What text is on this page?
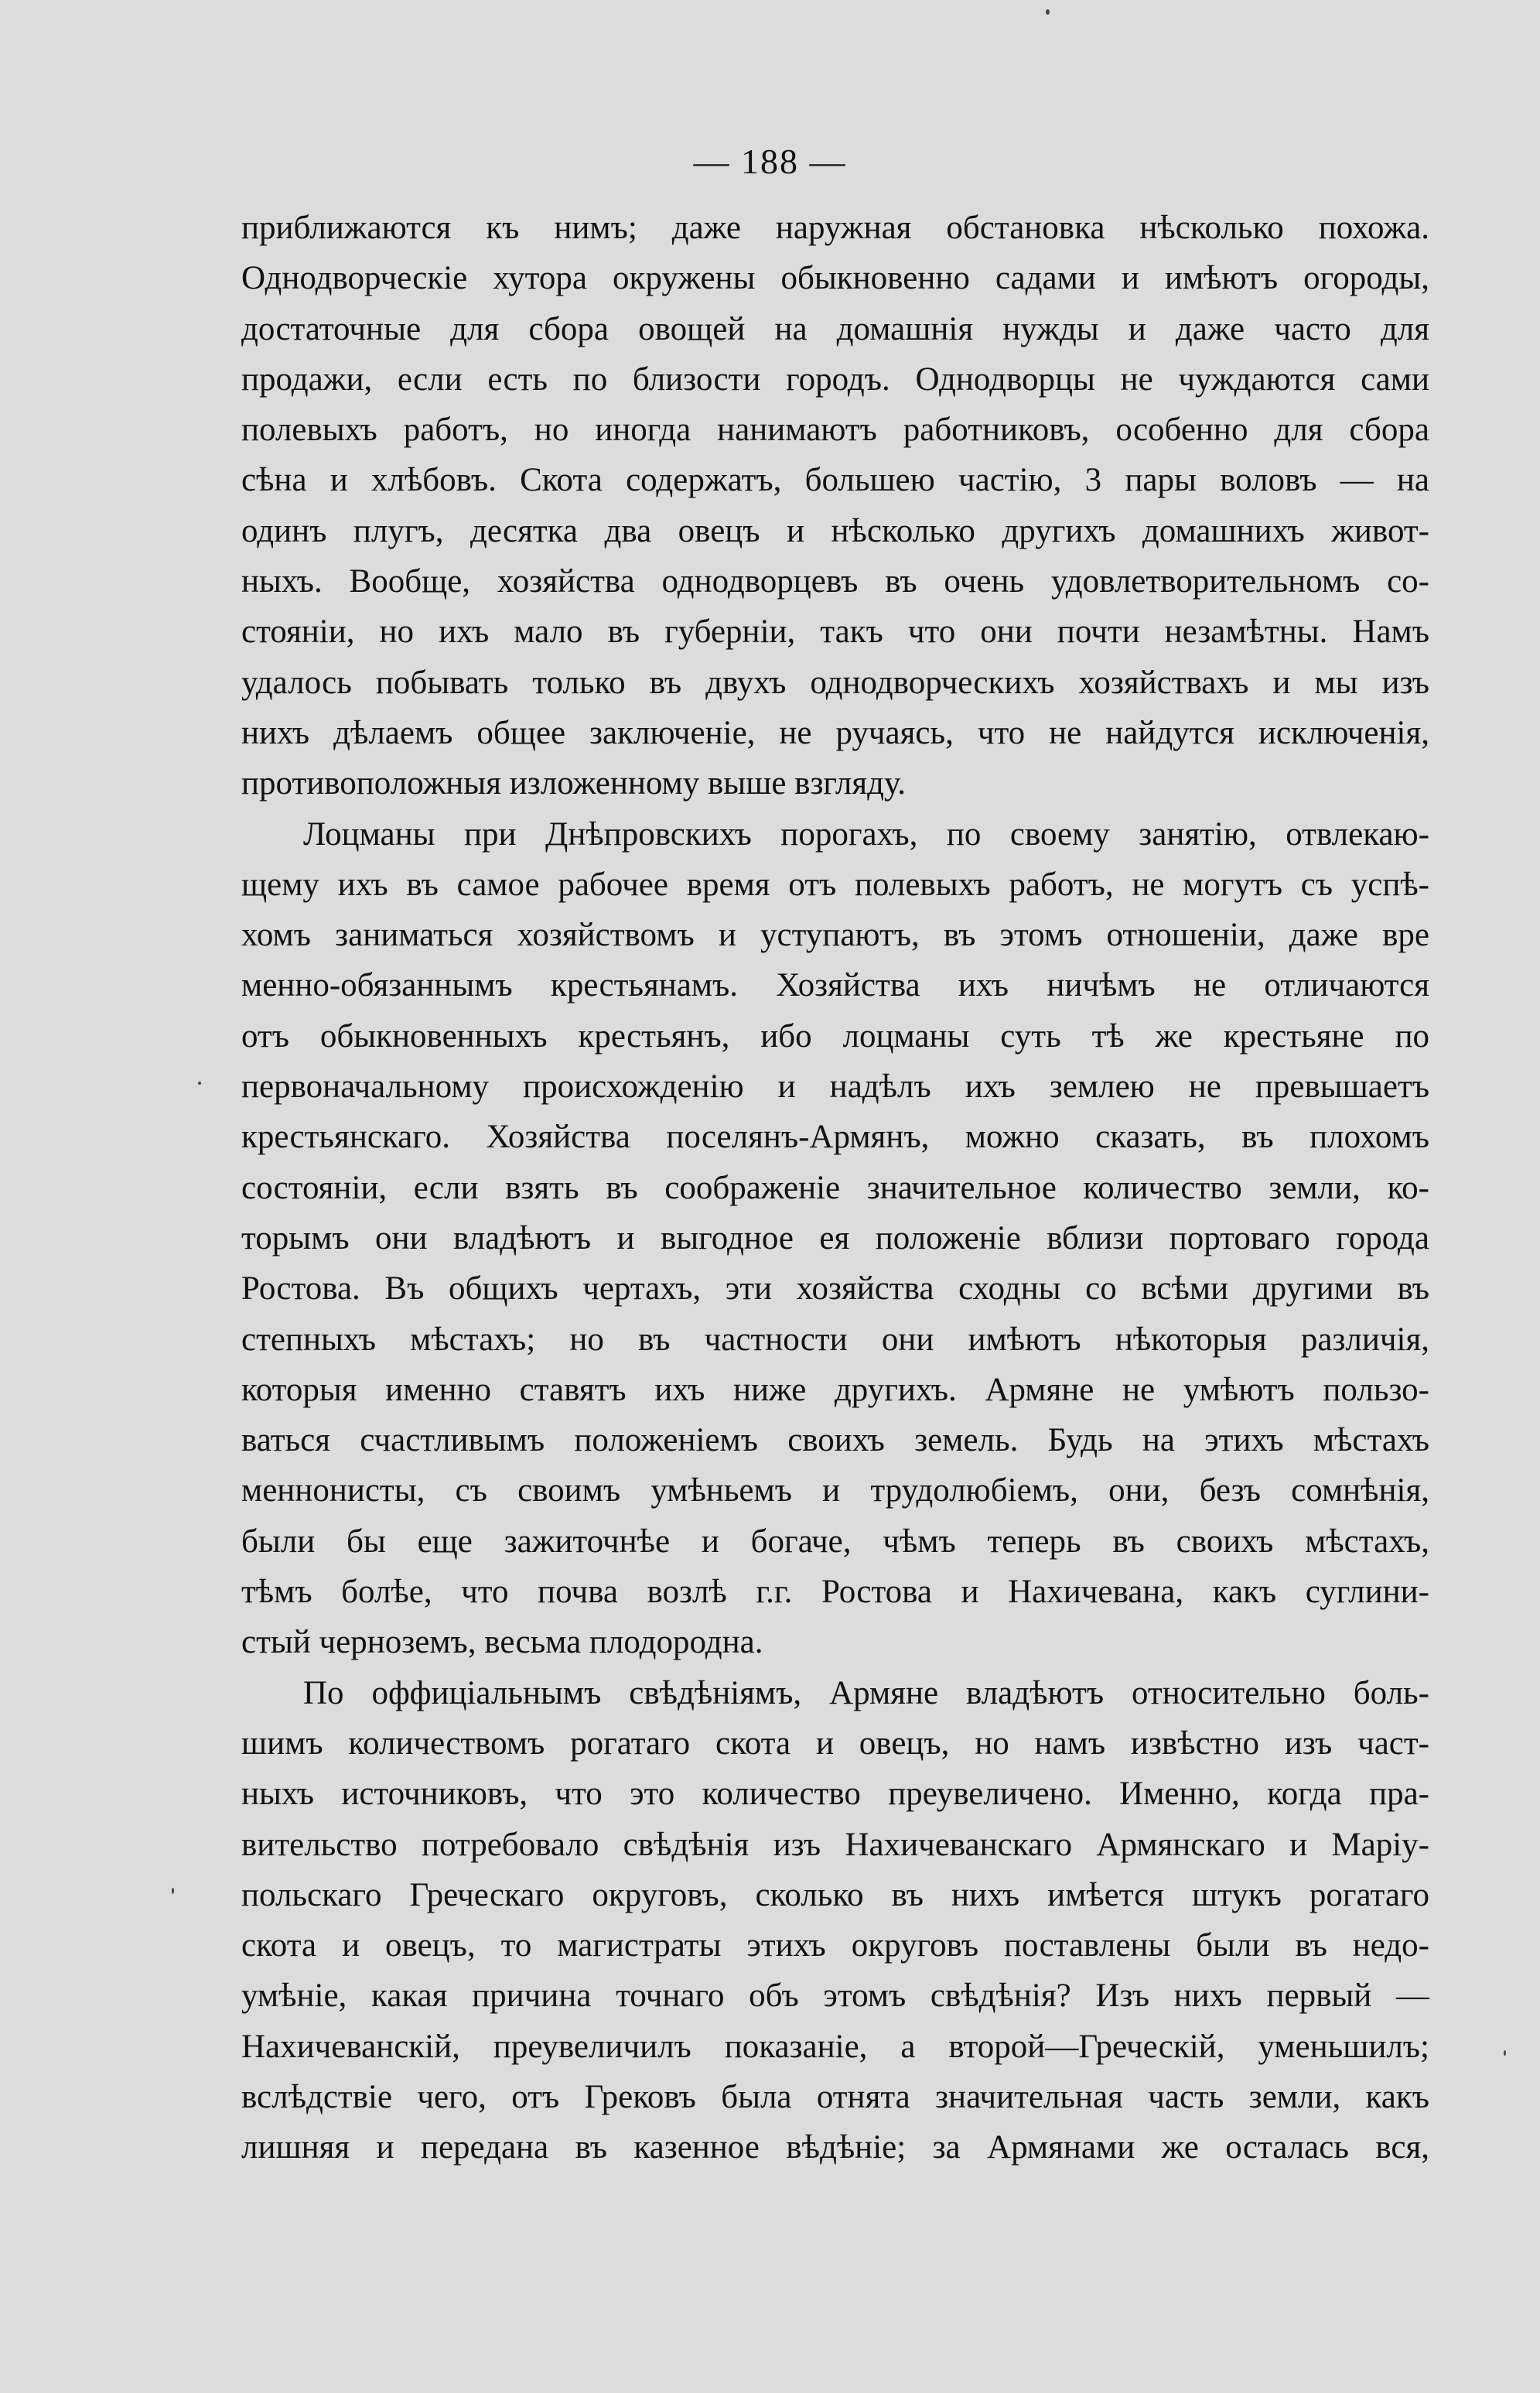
— 188 —
приближаются къ нимъ; даже наружная обстановка нѣсколько похожа.
Однодворческіе хутора окружены обыкновенно садами и имѣютъ огороды,
достаточные для сбора овощей на домашнія нужды и даже часто для
продажи, если есть по близости городъ. Однодворцы не чуждаются сами
полевыхъ работъ, но иногда нанимаютъ работниковъ, особенно для сбора
сѣна и хлѣбовъ. Скота содержатъ, большею частію, 3 пары воловъ — на
одинъ плугъ, десятка два овецъ и нѣсколько другихъ домашнихъ живот-
ныхъ. Вообще, хозяйства однодворцевъ въ очень удовлетворительномъ со-
стояніи, но ихъ мало въ губерніи, такъ что они почти незамѣтны. Намъ
удалось побывать только въ двухъ однодворческихъ хозяйствахъ и мы изъ
нихъ дѣлаемъ общее заключеніе, не ручаясь, что не найдутся исключенія,
противоположныя изложенному выше взгляду.
Лоцманы при Днѣпровскихъ порогахъ, по своему занятію, отвлекаю-
щему ихъ въ самое рабочее время отъ полевыхъ работъ, не могутъ съ успѣ-
хомъ заниматься хозяйствомъ и уступаютъ, въ этомъ отношеніи, даже вре
менно-обязаннымъ крестьянамъ. Хозяйства ихъ ничѣмъ не отличаются
отъ обыкновенныхъ крестьянъ, ибо лоцманы суть тѣ же крестьяне по
первоначальному происхожденію и надѣлъ ихъ землею не превышаетъ
крестьянскаго. Хозяйства поселянъ-Армянъ, можно сказать, въ плохомъ
состояніи, если взять въ соображеніе значительное количество земли, ко-
торымъ они владѣютъ и выгодное ея положеніе вблизи портоваго города
Ростова. Въ общихъ чертахъ, эти хозяйства сходны со всѣми другими въ
степныхъ мѣстахъ; но въ частности они имѣютъ нѣкоторыя различія,
которыя именно ставятъ ихъ ниже другихъ. Армяне не умѣютъ пользо-
ваться счастливымъ положеніемъ своихъ земель. Будь на этихъ мѣстахъ
меннонисты, съ своимъ умѣньемъ и трудолюбіемъ, они, безъ сомнѣнія,
были бы еще зажиточнѣе и богаче, чѣмъ теперь въ своихъ мѣстахъ,
тѣмъ болѣе, что почва возлѣ г.г. Ростова и Нахичевана, какъ суглини-
стый черноземъ, весьма плодородна.
По оффиціальнымъ свѣдѣніямъ, Армяне владѣютъ относительно боль-
шимъ количествомъ рогатаго скота и овецъ, но намъ извѣстно изъ част-
ныхъ источниковъ, что это количество преувеличено. Именно, когда пра-
вительство потребовало свѣдѣнія изъ Нахичеванскаго Армянскаго и Маріу-
польскаго Греческаго округовъ, сколько въ нихъ имѣется штукъ рогатаго
скота и овецъ, то магистраты этихъ округовъ поставлены были въ недо-
умѣніе, какая причина точнаго объ этомъ свѣдѣнія? Изъ нихъ первый —
Нахичеванскій, преувеличилъ показаніе, а второй—Греческій, уменьшилъ;
вслѣдствіе чего, отъ Грековъ была отнята значительная часть земли, какъ
лишняя и передана въ казенное вѣдѣніе; за Армянами же осталась вся,
